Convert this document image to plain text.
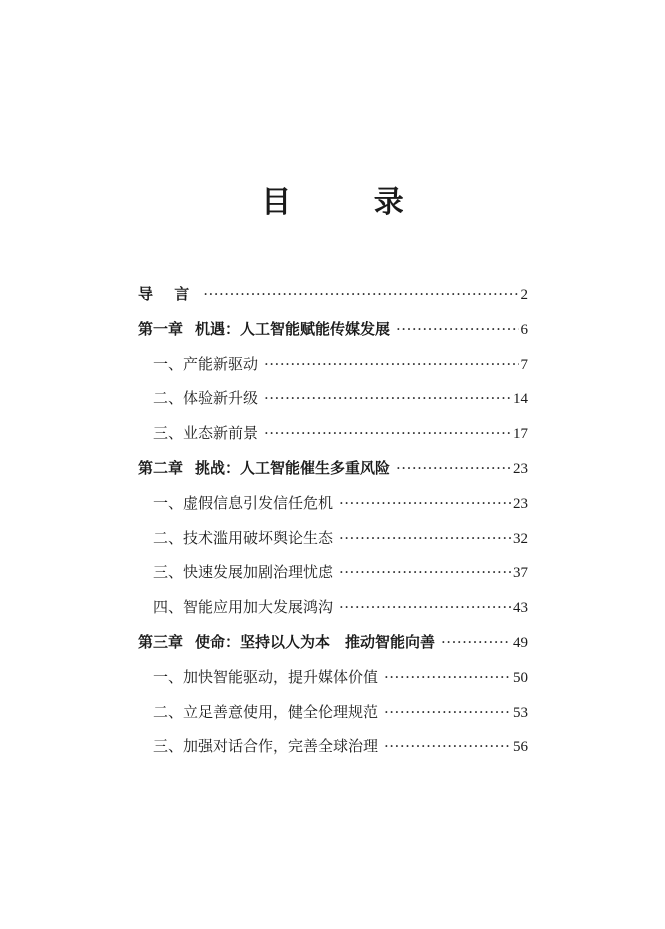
目 录
导 言 ·····	2
第一章 机遇：人工智能赋能传媒发展 ·····	6
一、产能新驱动 ·····	7
二、体验新升级 ·····	14
三、业态新前景 ·····	17
第二章 挑战：人工智能催生多重风险 ·····	23
一、虚假信息引发信任危机 ·····	23
二、技术滥用破坏舆论生态 ·····	32
三、快速发展加剧治理忧虑 ·····	37
四、智能应用加大发展鸿沟 ·····	43
第三章 使命：坚持以人为本　推动智能向善 ·····	49
一、加快智能驱动，提升媒体价值 ·····	50
二、立足善意使用，健全伦理规范 ·····	53
三、加强对话合作，完善全球治理 ·····	56
